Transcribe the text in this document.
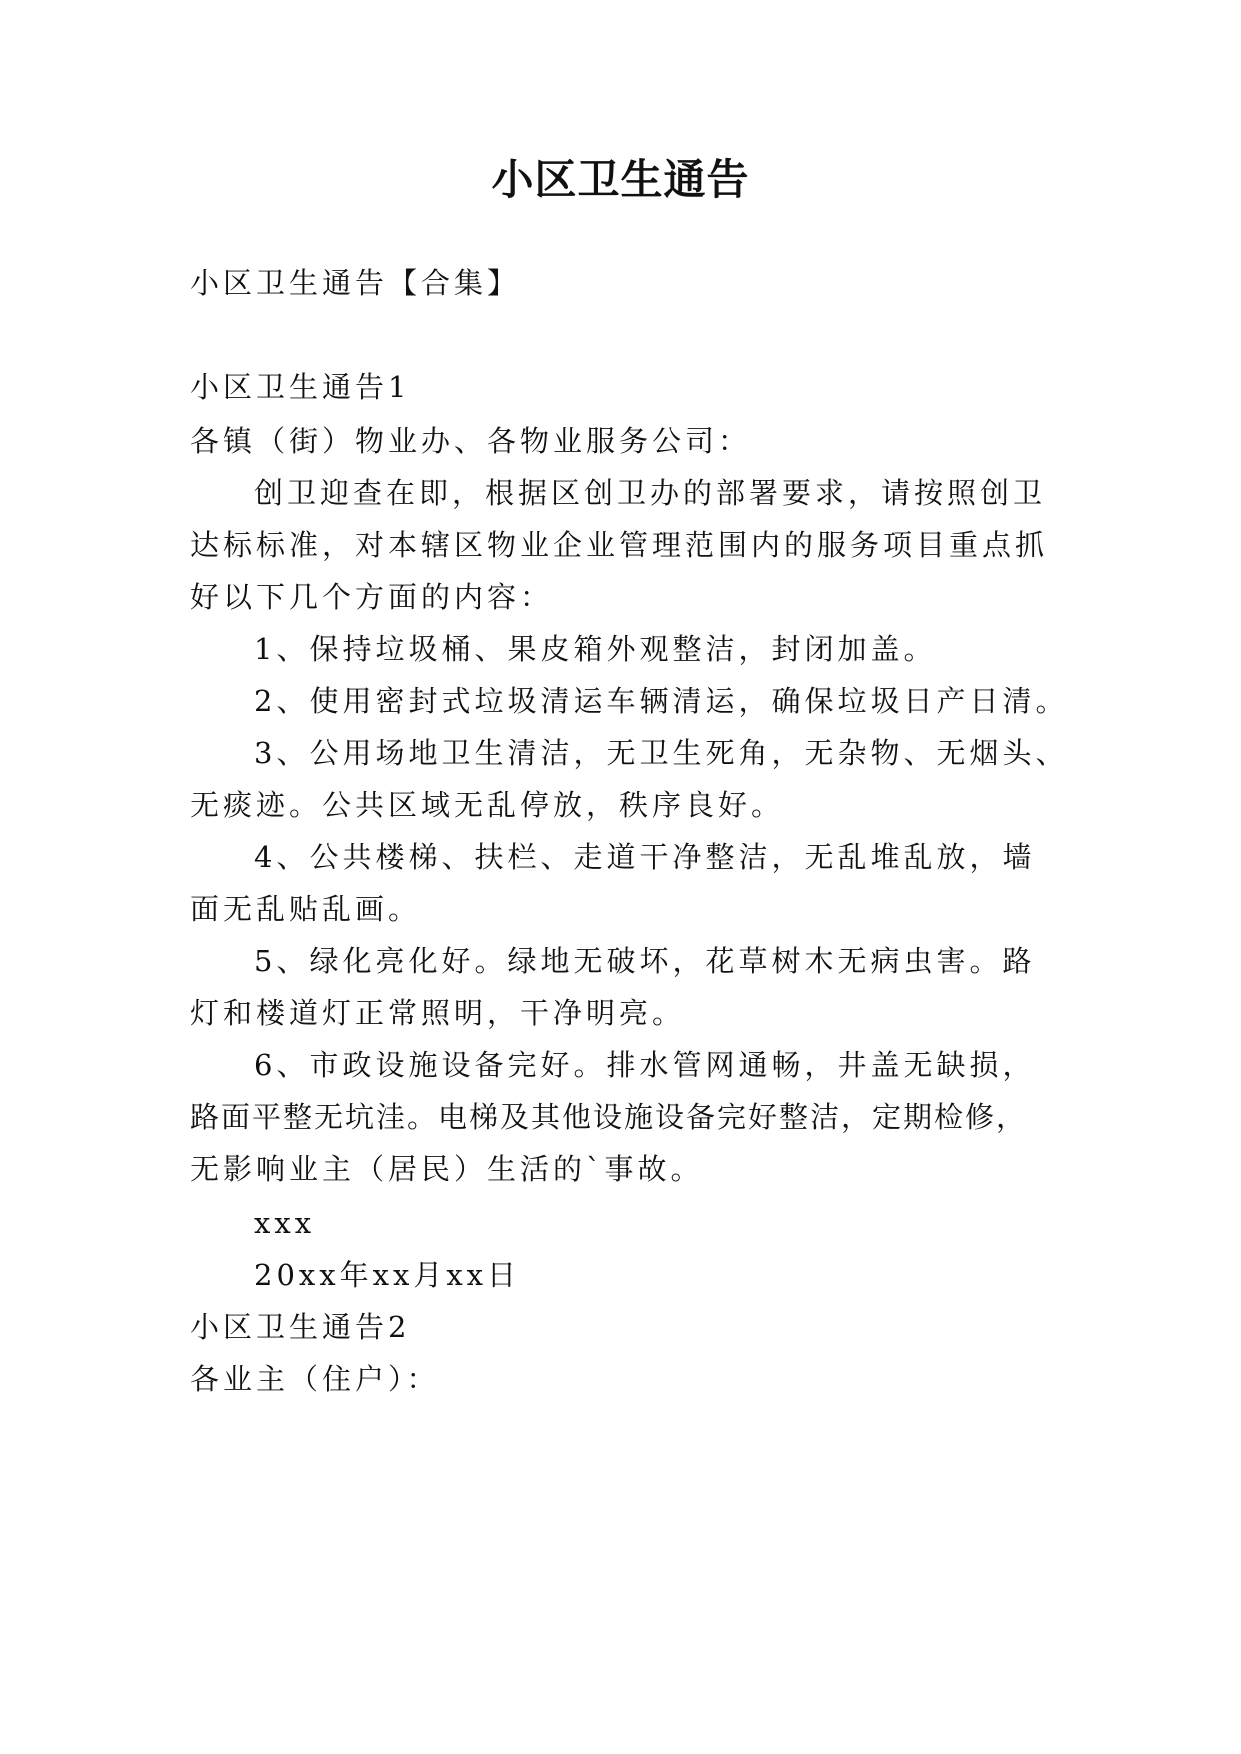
小区卫生通告
小区卫生通告【合集】
小区卫生通告1
各镇（街）物业办、各物业服务公司：
创卫迎查在即，根据区创卫办的部署要求，请按照创卫
达标标准，对本辖区物业企业管理范围内的服务项目重点抓
好以下几个方面的内容：
1、保持垃圾桶、果皮箱外观整洁，封闭加盖。
2、使用密封式垃圾清运车辆清运，确保垃圾日产日清。
3、公用场地卫生清洁，无卫生死角，无杂物、无烟头、
无痰迹。公共区域无乱停放，秩序良好。
4、公共楼梯、扶栏、走道干净整洁，无乱堆乱放，墙
面无乱贴乱画。
5、绿化亮化好。绿地无破坏，花草树木无病虫害。路
灯和楼道灯正常照明，干净明亮。
6、市政设施设备完好。排水管网通畅，井盖无缺损，
路面平整无坑洼。电梯及其他设施设备完好整洁，定期检修，
无影响业主（居民）生活的`事故。
xxx
20xx年xx月xx日
小区卫生通告2
各业主（住户）：
